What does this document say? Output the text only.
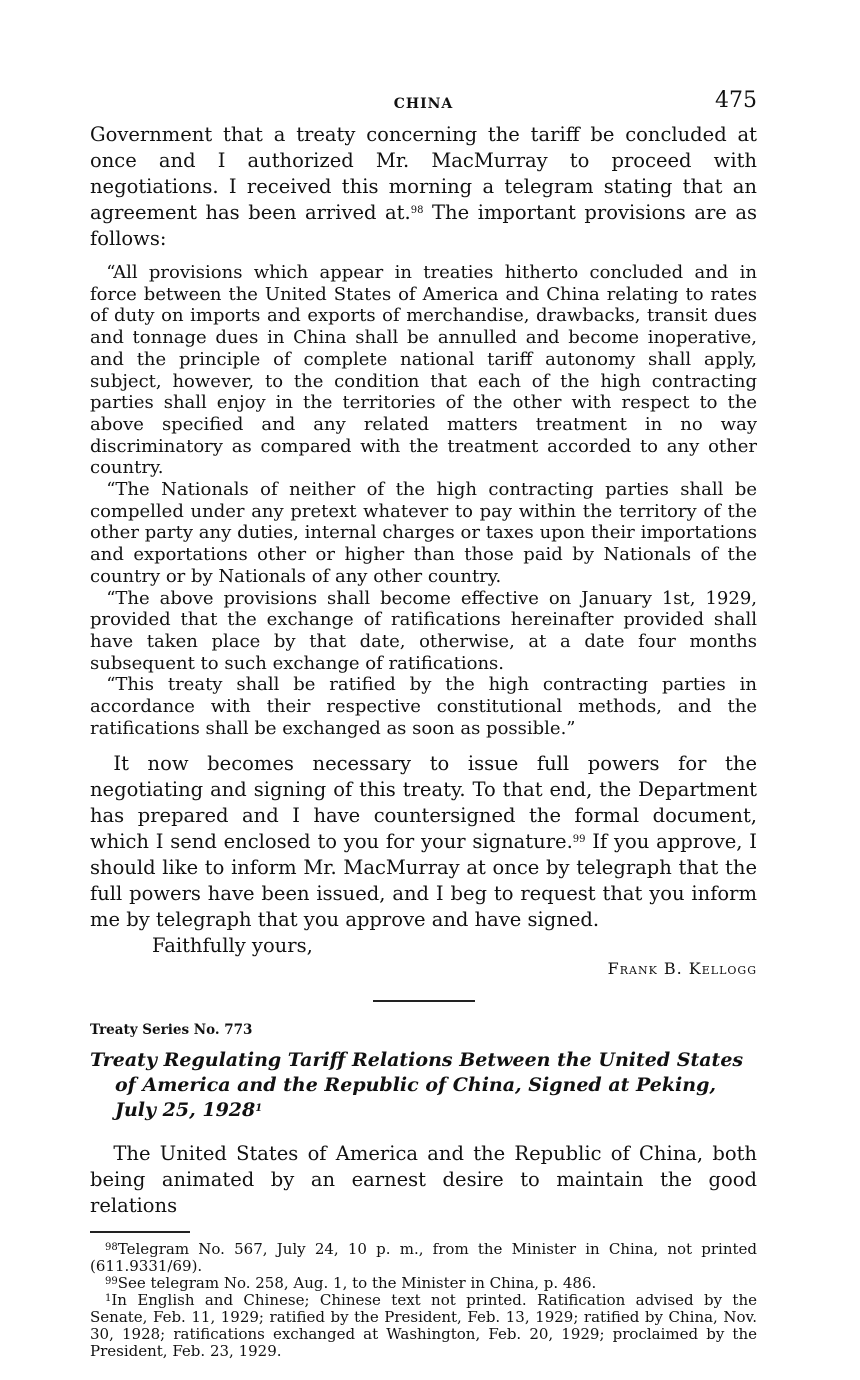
CHINA	475

Government that a treaty concerning the tariff be concluded at once and I authorized Mr. MacMurray to proceed with negotiations. I received this morning a telegram stating that an agreement has been arrived at.$^{98}$ The important provisions are as follows:

“All provisions which appear in treaties hitherto concluded and in force between the United States of America and China relating to rates of duty on imports and exports of merchandise, drawbacks, transit dues and tonnage dues in China shall be annulled and become inoperative, and the principle of complete national tariff autonomy shall apply, subject, however, to the condition that each of the high contracting parties shall enjoy in the territories of the other with respect to the above specified and any related matters treatment in no way discriminatory as compared with the treatment accorded to any other country.

“The Nationals of neither of the high contracting parties shall be compelled under any pretext whatever to pay within the territory of the other party any duties, internal charges or taxes upon their importations and exportations other or higher than those paid by Nationals of the country or by Nationals of any other country.

“The above provisions shall become effective on January 1st, 1929, provided that the exchange of ratifications hereinafter provided shall have taken place by that date, otherwise, at a date four months subsequent to such exchange of ratifications.

“This treaty shall be ratified by the high contracting parties in accordance with their respective constitutional methods, and the ratifications shall be exchanged as soon as possible.”

It now becomes necessary to issue full powers for the negotiating and signing of this treaty. To that end, the Department has prepared and I have countersigned the formal document, which I send enclosed to you for your signature.$^{99}$ If you approve, I should like to inform Mr. MacMurray at once by telegraph that the full powers have been issued, and I beg to request that you inform me by telegraph that you approve and have signed.

Faithfully yours,

Frank B. Kellogg

Treaty Series No. 773

Treaty Regulating Tariff Relations Between the United States of America and the Republic of China, Signed at Peking, July 25, 1928$^1$

The United States of America and the Republic of China, both being animated by an earnest desire to maintain the good relations

$^{98}$Telegram No. 567, July 24, 10 p. m., from the Minister in China, not printed (611.9331/69).

$^{99}$See telegram No. 258, Aug. 1, to the Minister in China, p. 486.

$^1$In English and Chinese; Chinese text not printed. Ratification advised by the Senate, Feb. 11, 1929; ratified by the President, Feb. 13, 1929; ratified by China, Nov. 30, 1928; ratifications exchanged at Washington, Feb. 20, 1929; proclaimed by the President, Feb. 23, 1929.
